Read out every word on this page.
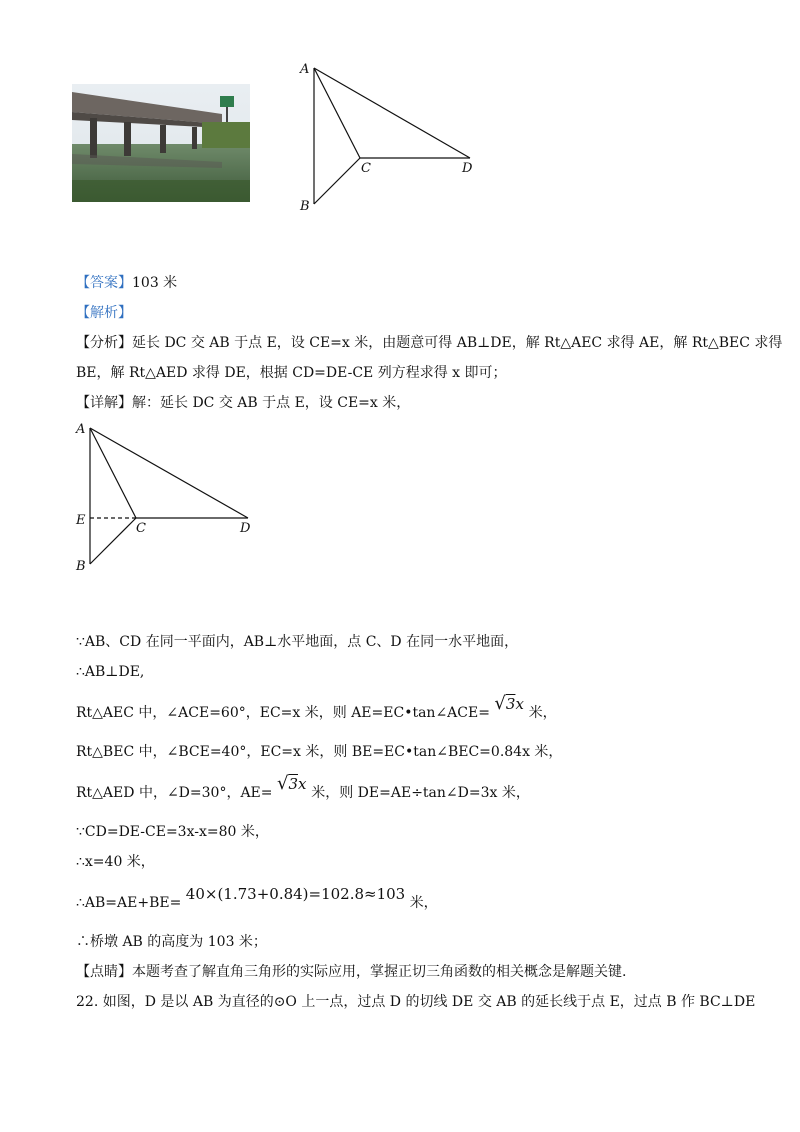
A
B
C	D
【答案】103 米
【解析】
【分析】延长 DC 交 AB 于点 E，设 CE=x 米，由题意可得 AB⊥DE，解 Rt△AEC 求得 AE，解 Rt△BEC 求得
BE，解 Rt△AED 求得 DE，根据 CD=DE-CE 列方程求得 x 即可；
【详解】解：延长 DC 交 AB 于点 E，设 CE=x 米，
A
E
C	D
B
∵AB、CD 在同一平面内，AB⊥水平地面，点 C、D 在同一水平地面，
∴AB⊥DE,
Rt△AEC 中，∠ACE=60°，EC=x 米，则 AE=EC•tan∠ACE= √3x 米，
Rt△BEC 中，∠BCE=40°，EC=x 米，则 BE=EC•tan∠BEC=0.84x 米，
Rt△AED 中，∠D=30°，AE= √3x 米，则 DE=AE÷tan∠D=3x 米，
∵CD=DE-CE=3x-x=80 米，
∴x=40 米，
∴AB=AE+BE= 40×(1.73+0.84)=102.8≈103 米，
∴桥墩 AB 的高度为 103 米；
【点睛】本题考查了解直角三角形的实际应用，掌握正切三角函数的相关概念是解题关键.
22. 如图，D 是以 AB 为直径的⊙O 上一点，过点 D 的切线 DE 交 AB 的延长线于点 E，过点 B 作 BC⊥DE
